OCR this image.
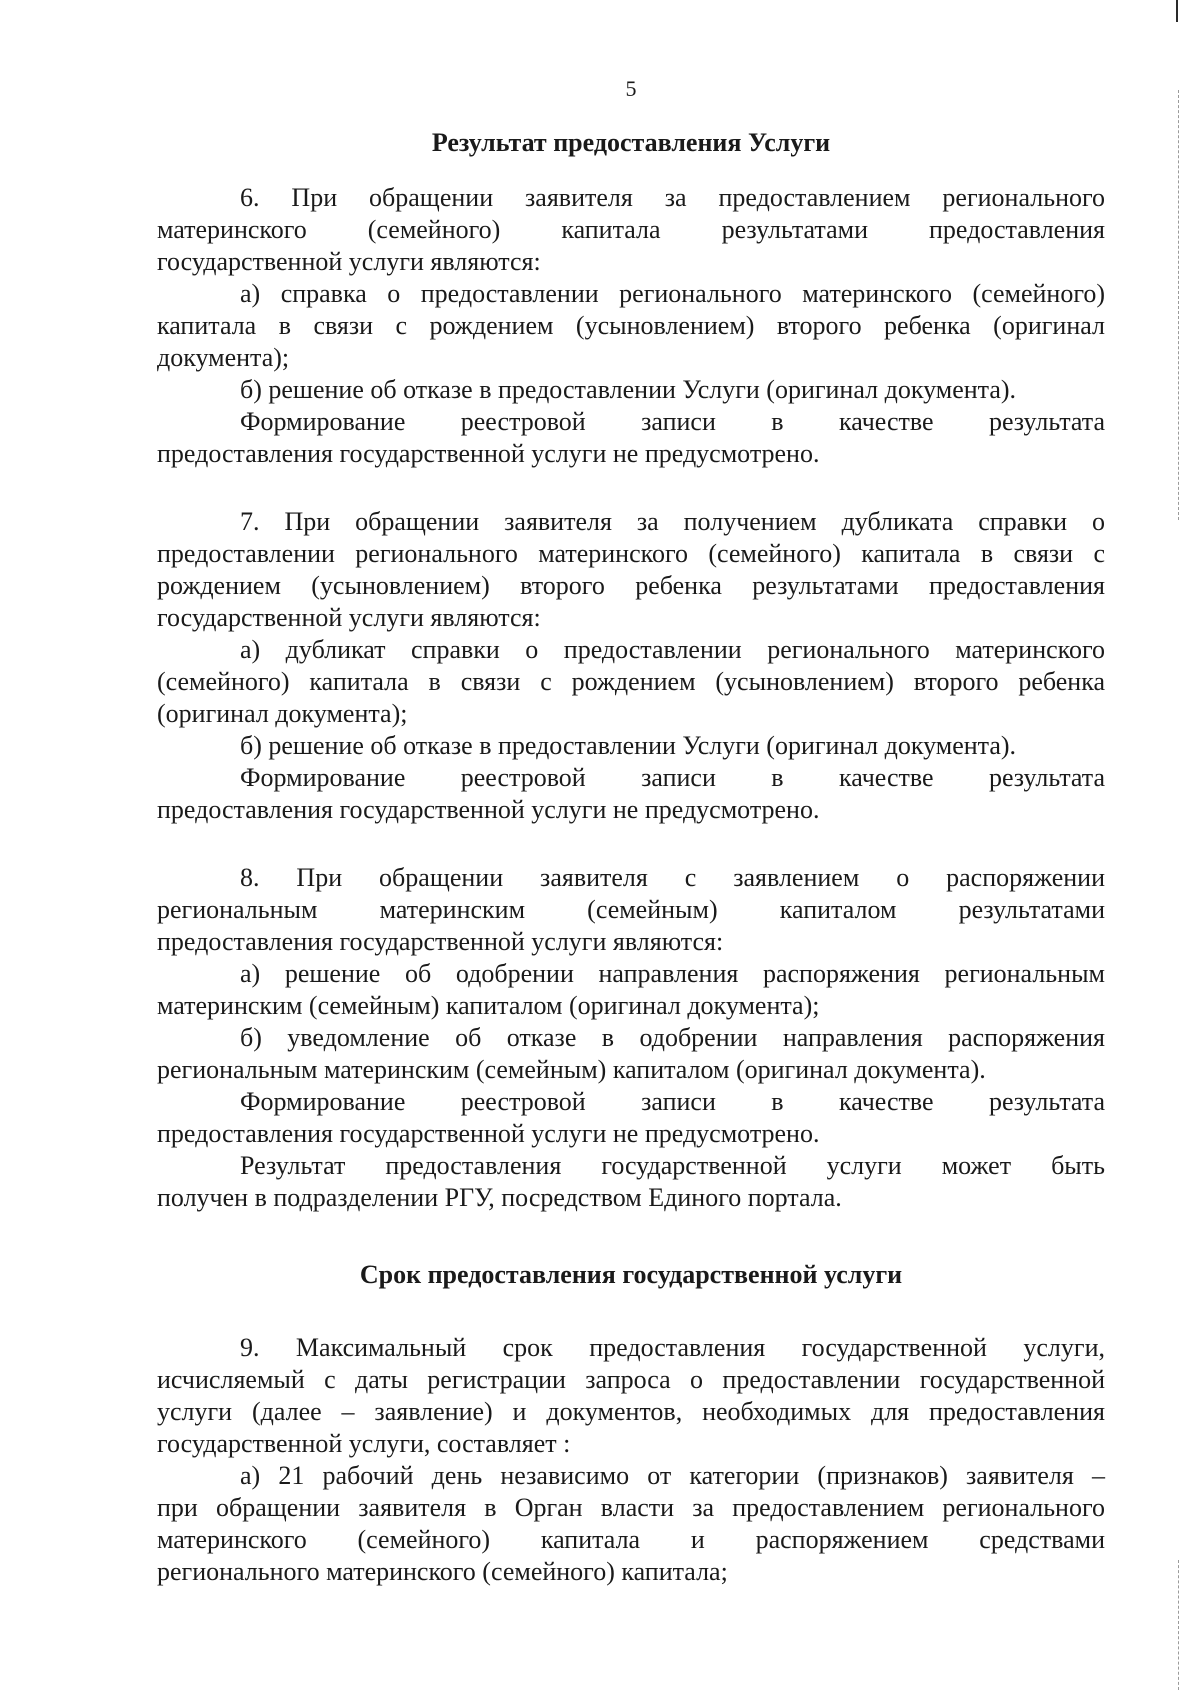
5
Результат предоставления Услуги
6. При обращении заявителя за предоставлением регионального
материнского (семейного) капитала результатами предоставления
государственной услуги являются:
а) справка о предоставлении регионального материнского (семейного)
капитала в связи с рождением (усыновлением) второго ребенка (оригинал
документа);
б) решение об отказе в предоставлении Услуги (оригинал документа).
Формирование реестровой записи в качестве результата
предоставления государственной услуги не предусмотрено.
7. При обращении заявителя за получением дубликата справки о
предоставлении регионального материнского (семейного) капитала в связи с
рождением (усыновлением) второго ребенка результатами предоставления
государственной услуги являются:
а) дубликат справки о предоставлении регионального материнского
(семейного) капитала в связи с рождением (усыновлением) второго ребенка
(оригинал документа);
б) решение об отказе в предоставлении Услуги (оригинал документа).
Формирование реестровой записи в качестве результата
предоставления государственной услуги не предусмотрено.
8. При обращении заявителя с заявлением о распоряжении
региональным материнским (семейным) капиталом результатами
предоставления государственной услуги являются:
а) решение об одобрении направления распоряжения региональным
материнским (семейным) капиталом (оригинал документа);
б) уведомление об отказе в одобрении направления распоряжения
региональным материнским (семейным) капиталом (оригинал документа).
Формирование реестровой записи в качестве результата
предоставления государственной услуги не предусмотрено.
Результат предоставления государственной услуги может быть
получен в подразделении РГУ, посредством Единого портала.
Срок предоставления государственной услуги
9. Максимальный срок предоставления государственной услуги,
исчисляемый с даты регистрации запроса о предоставлении государственной
услуги (далее – заявление) и документов, необходимых для предоставления
государственной услуги, составляет :
а) 21 рабочий день независимо от категории (признаков) заявителя –
при обращении заявителя в Орган власти за предоставлением регионального
материнского (семейного) капитала и распоряжением средствами
регионального материнского (семейного) капитала;
